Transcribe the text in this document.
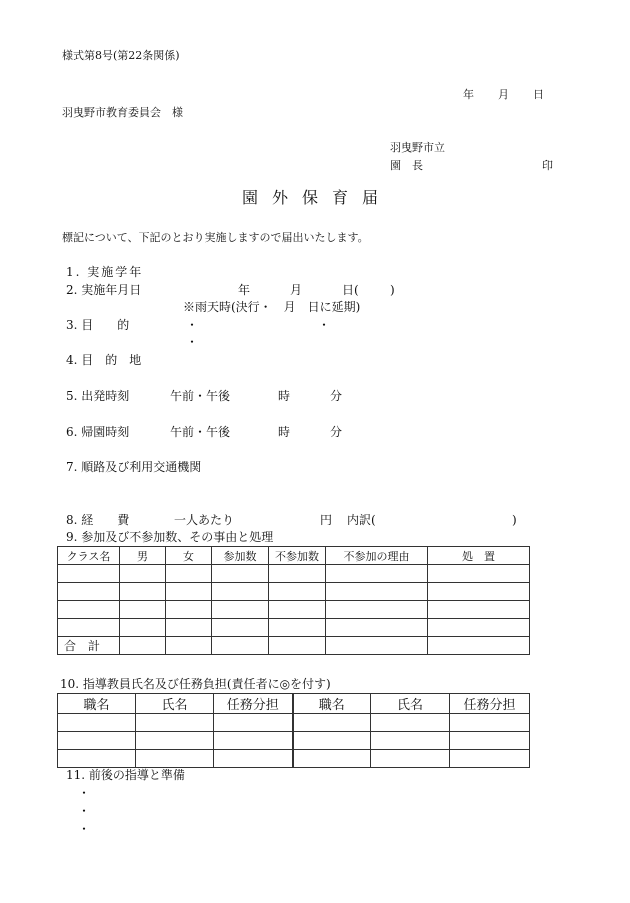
様式第8号(第22条関係)
年 月 日
羽曳野市教育委員会　様
羽曳野市立
園　長	印
園外保育届
標記について、下記のとおり実施しますので届出いたします。
1. 実施学年
2. 実施年月日	年	月	日(	)
※雨天時(決行・　月　日に延期)
3. 目　　的	・	・
・
4. 目　的　地
5. 出発時刻	午前・午後	時	分
6. 帰園時刻	午前・午後	時	分
7. 順路及び利用交通機関
8. 経　　費	一人あたり	円 内訳(	)
9. 参加及び不参加数、その事由と処理
クラス名	男	女	参加数	不参加数	不参加の理由	処　置

合　計						
10. 指導教員氏名及び任務負担(責任者に◎を付す)
職名	氏名	任務分担	職名	氏名	任務分担

11. 前後の指導と準備
・
・
・
